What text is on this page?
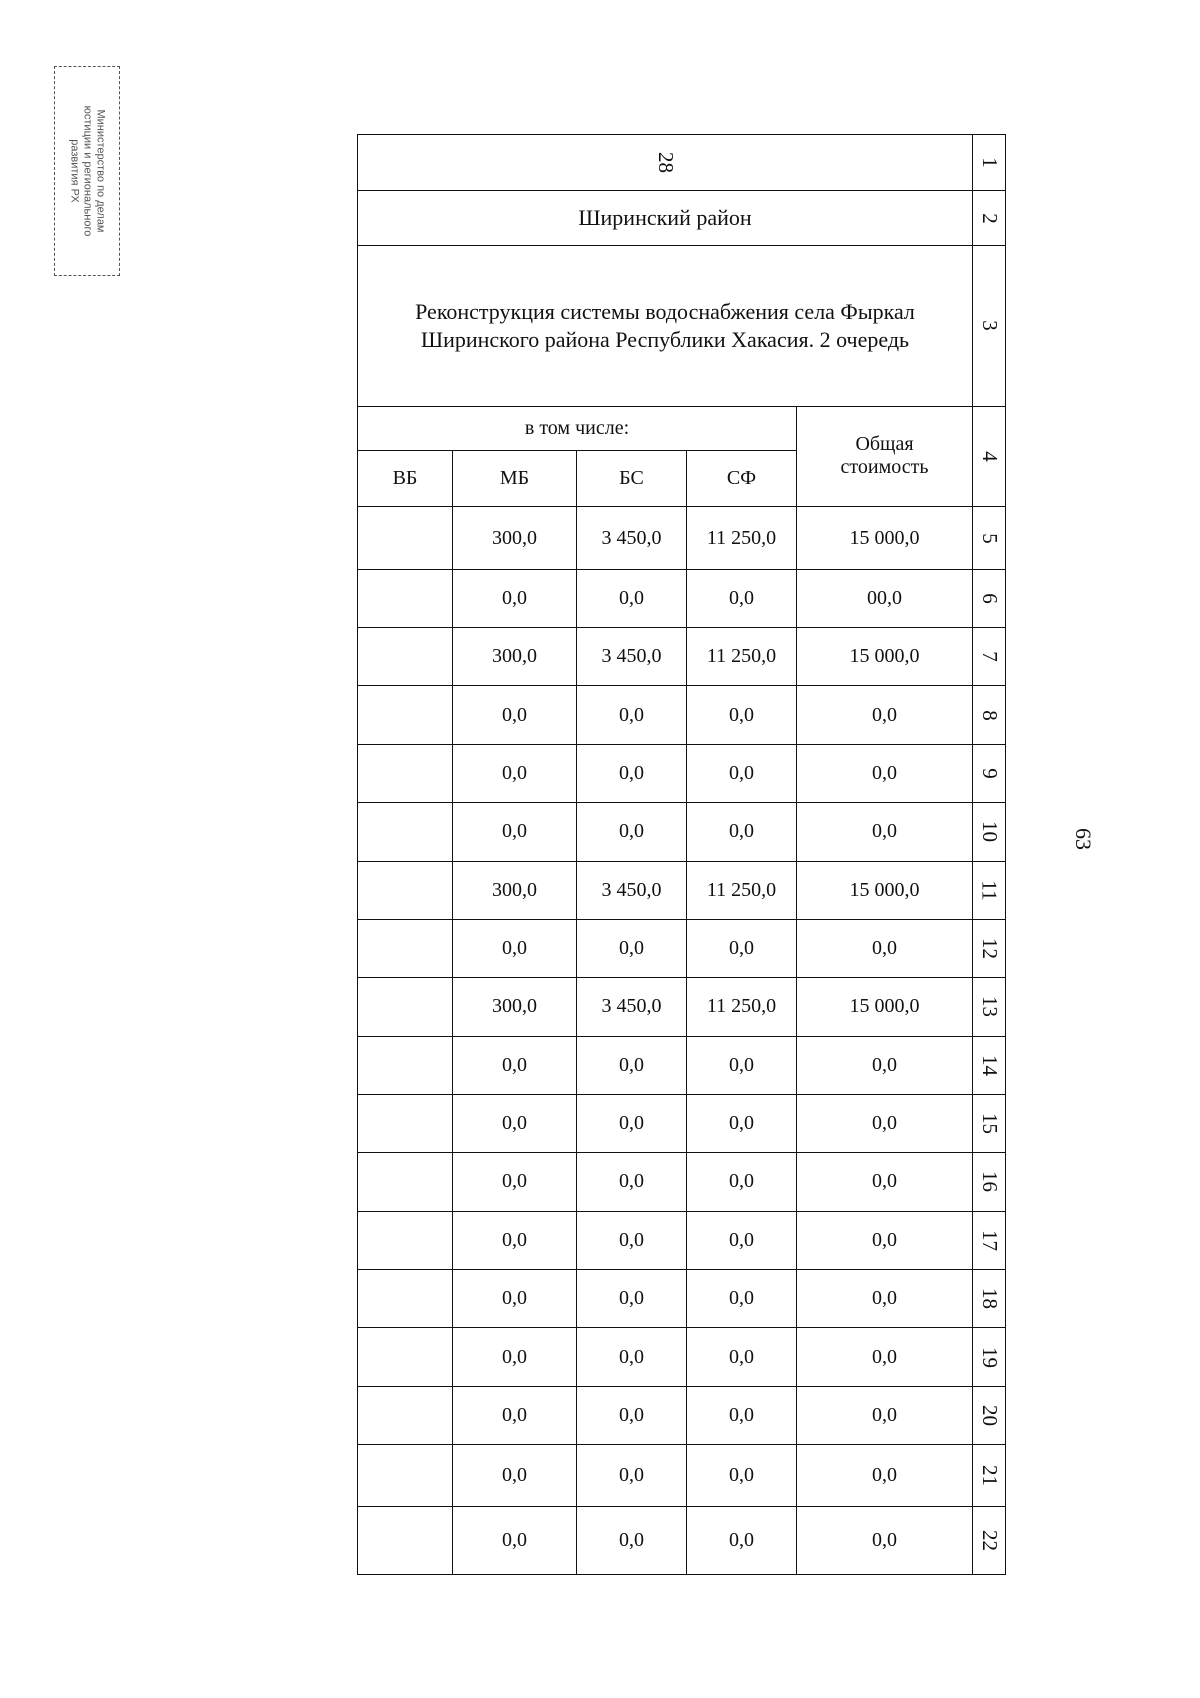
Министерство по делам
юстиции и регионального
развития РХ
63
28					1
Ширинский район					2
Реконструкция системы водоснабжения села Фыркал Ширинского района Республики Хакасия. 2 очередь					3
в том числе:				Общая стоимость	4
ВБ	МБ	БС	СФ		
	300,0	3 450,0	11 250,0	15 000,0	5
	0,0	0,0	0,0	00,0	6
	300,0	3 450,0	11 250,0	15 000,0	7
	0,0	0,0	0,0	0,0	8
	0,0	0,0	0,0	0,0	9
	0,0	0,0	0,0	0,0	10
	300,0	3 450,0	11 250,0	15 000,0	11
	0,0	0,0	0,0	0,0	12
	300,0	3 450,0	11 250,0	15 000,0	13
	0,0	0,0	0,0	0,0	14
	0,0	0,0	0,0	0,0	15
	0,0	0,0	0,0	0,0	16
	0,0	0,0	0,0	0,0	17
	0,0	0,0	0,0	0,0	18
	0,0	0,0	0,0	0,0	19
	0,0	0,0	0,0	0,0	20
	0,0	0,0	0,0	0,0	21
	0,0	0,0	0,0	0,0	22
